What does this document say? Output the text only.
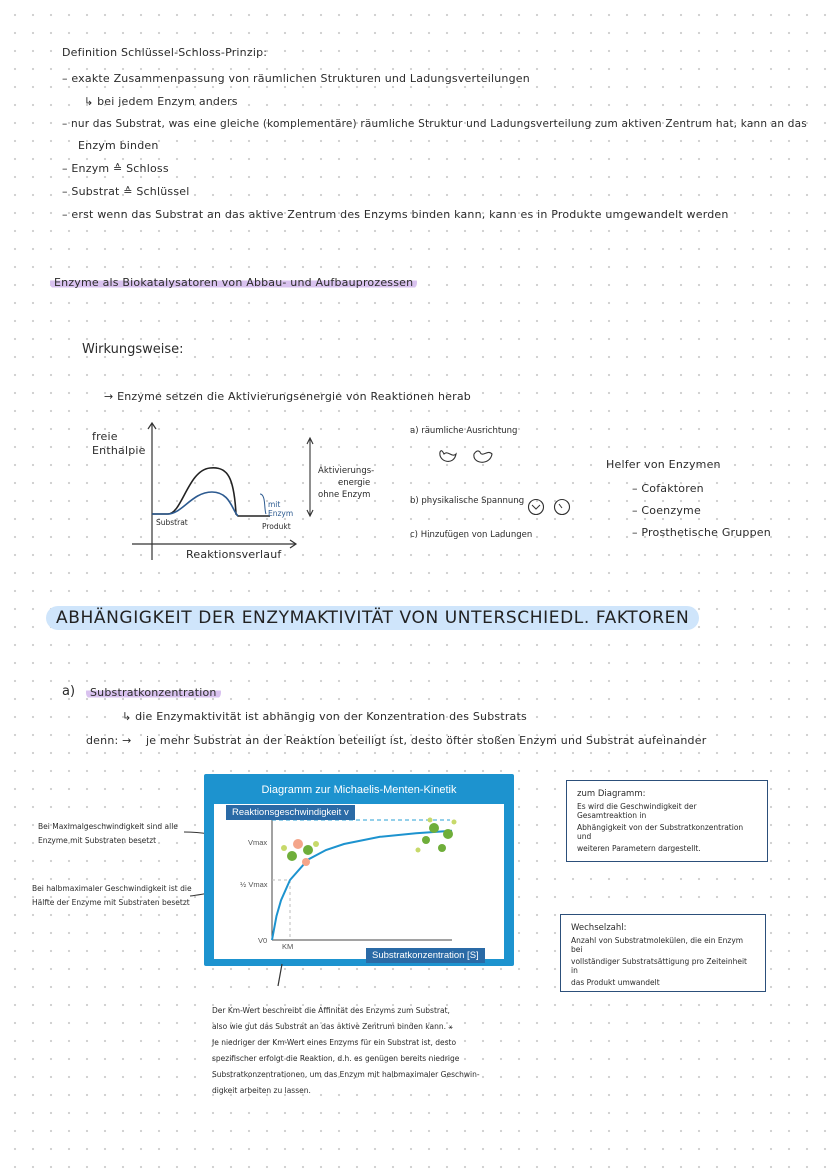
Definition Schlüssel-Schloss-Prinzip:
– exakte Zusammenpassung von räumlichen Strukturen und Ladungsverteilungen
↳ bei jedem Enzym anders
– nur das Substrat, was eine gleiche (komplementäre) räumliche Struktur und Ladungsverteilung zum aktiven Zentrum hat, kann an das
Enzym binden
– Enzym ≙ Schloss
– Substrat ≙ Schlüssel
– erst wenn das Substrat an das aktive Zentrum des Enzyms binden kann, kann es in Produkte umgewandelt werden
Enzyme als Biokatalysatoren von Abbau- und Aufbauprozessen
Wirkungsweise:
→ Enzyme setzen die Aktivierungsenergie von Reaktionen herab
freie
Enthalpie
Substrat	Produkt
mit
Enzym
Reaktionsverlauf
Aktivierungs-
energie
ohne Enzym
a) räumliche Ausrichtung
b) physikalische Spannung
c) Hinzufügen von Ladungen
Helfer von Enzymen
– Cofaktoren
– Coenzyme
– Prosthetische Gruppen
ABHÄNGIGKEIT DER ENZYMAKTIVITÄT VON UNTERSCHIEDL. FAKTOREN
a)	Substratkonzentration
↳ die Enzymaktivität ist abhängig von der Konzentration des Substrats
denn: → je mehr Substrat an der Reaktion beteiligt ist, desto öfter stoßen Enzym und Substrat aufeinander
Bei Maximalgeschwindigkeit sind alle
Enzyme mit Substraten besetzt
Bei halbmaximaler Geschwindigkeit ist die
Hälfte der Enzyme mit Substraten besetzt
Diagramm zur Michaelis-Menten-Kinetik
Reaktionsgeschwindigkeit v
Substratkonzentration [S]
Vmax
½ Vmax
V0
KM
zum Diagramm:
Es wird die Geschwindigkeit der Gesamtreaktion in
Abhängigkeit von der Substratkonzentration und
weiteren Parametern dargestellt.
Wechselzahl:
Anzahl von Substratmolekülen, die ein Enzym bei
vollständiger Substratsättigung pro Zeiteinheit in
das Produkt umwandelt
Der Km-Wert beschreibt die Affinität des Enzyms zum Substrat,
also wie gut das Substrat an das aktive Zentrum binden kann. ⚹
Je niedriger der Km-Wert eines Enzyms für ein Substrat ist, desto
spezifischer erfolgt die Reaktion, d.h. es genügen bereits niedrige
Substratkonzentrationen, um das Enzym mit halbmaximaler Geschwin-
digkeit arbeiten zu lassen.
